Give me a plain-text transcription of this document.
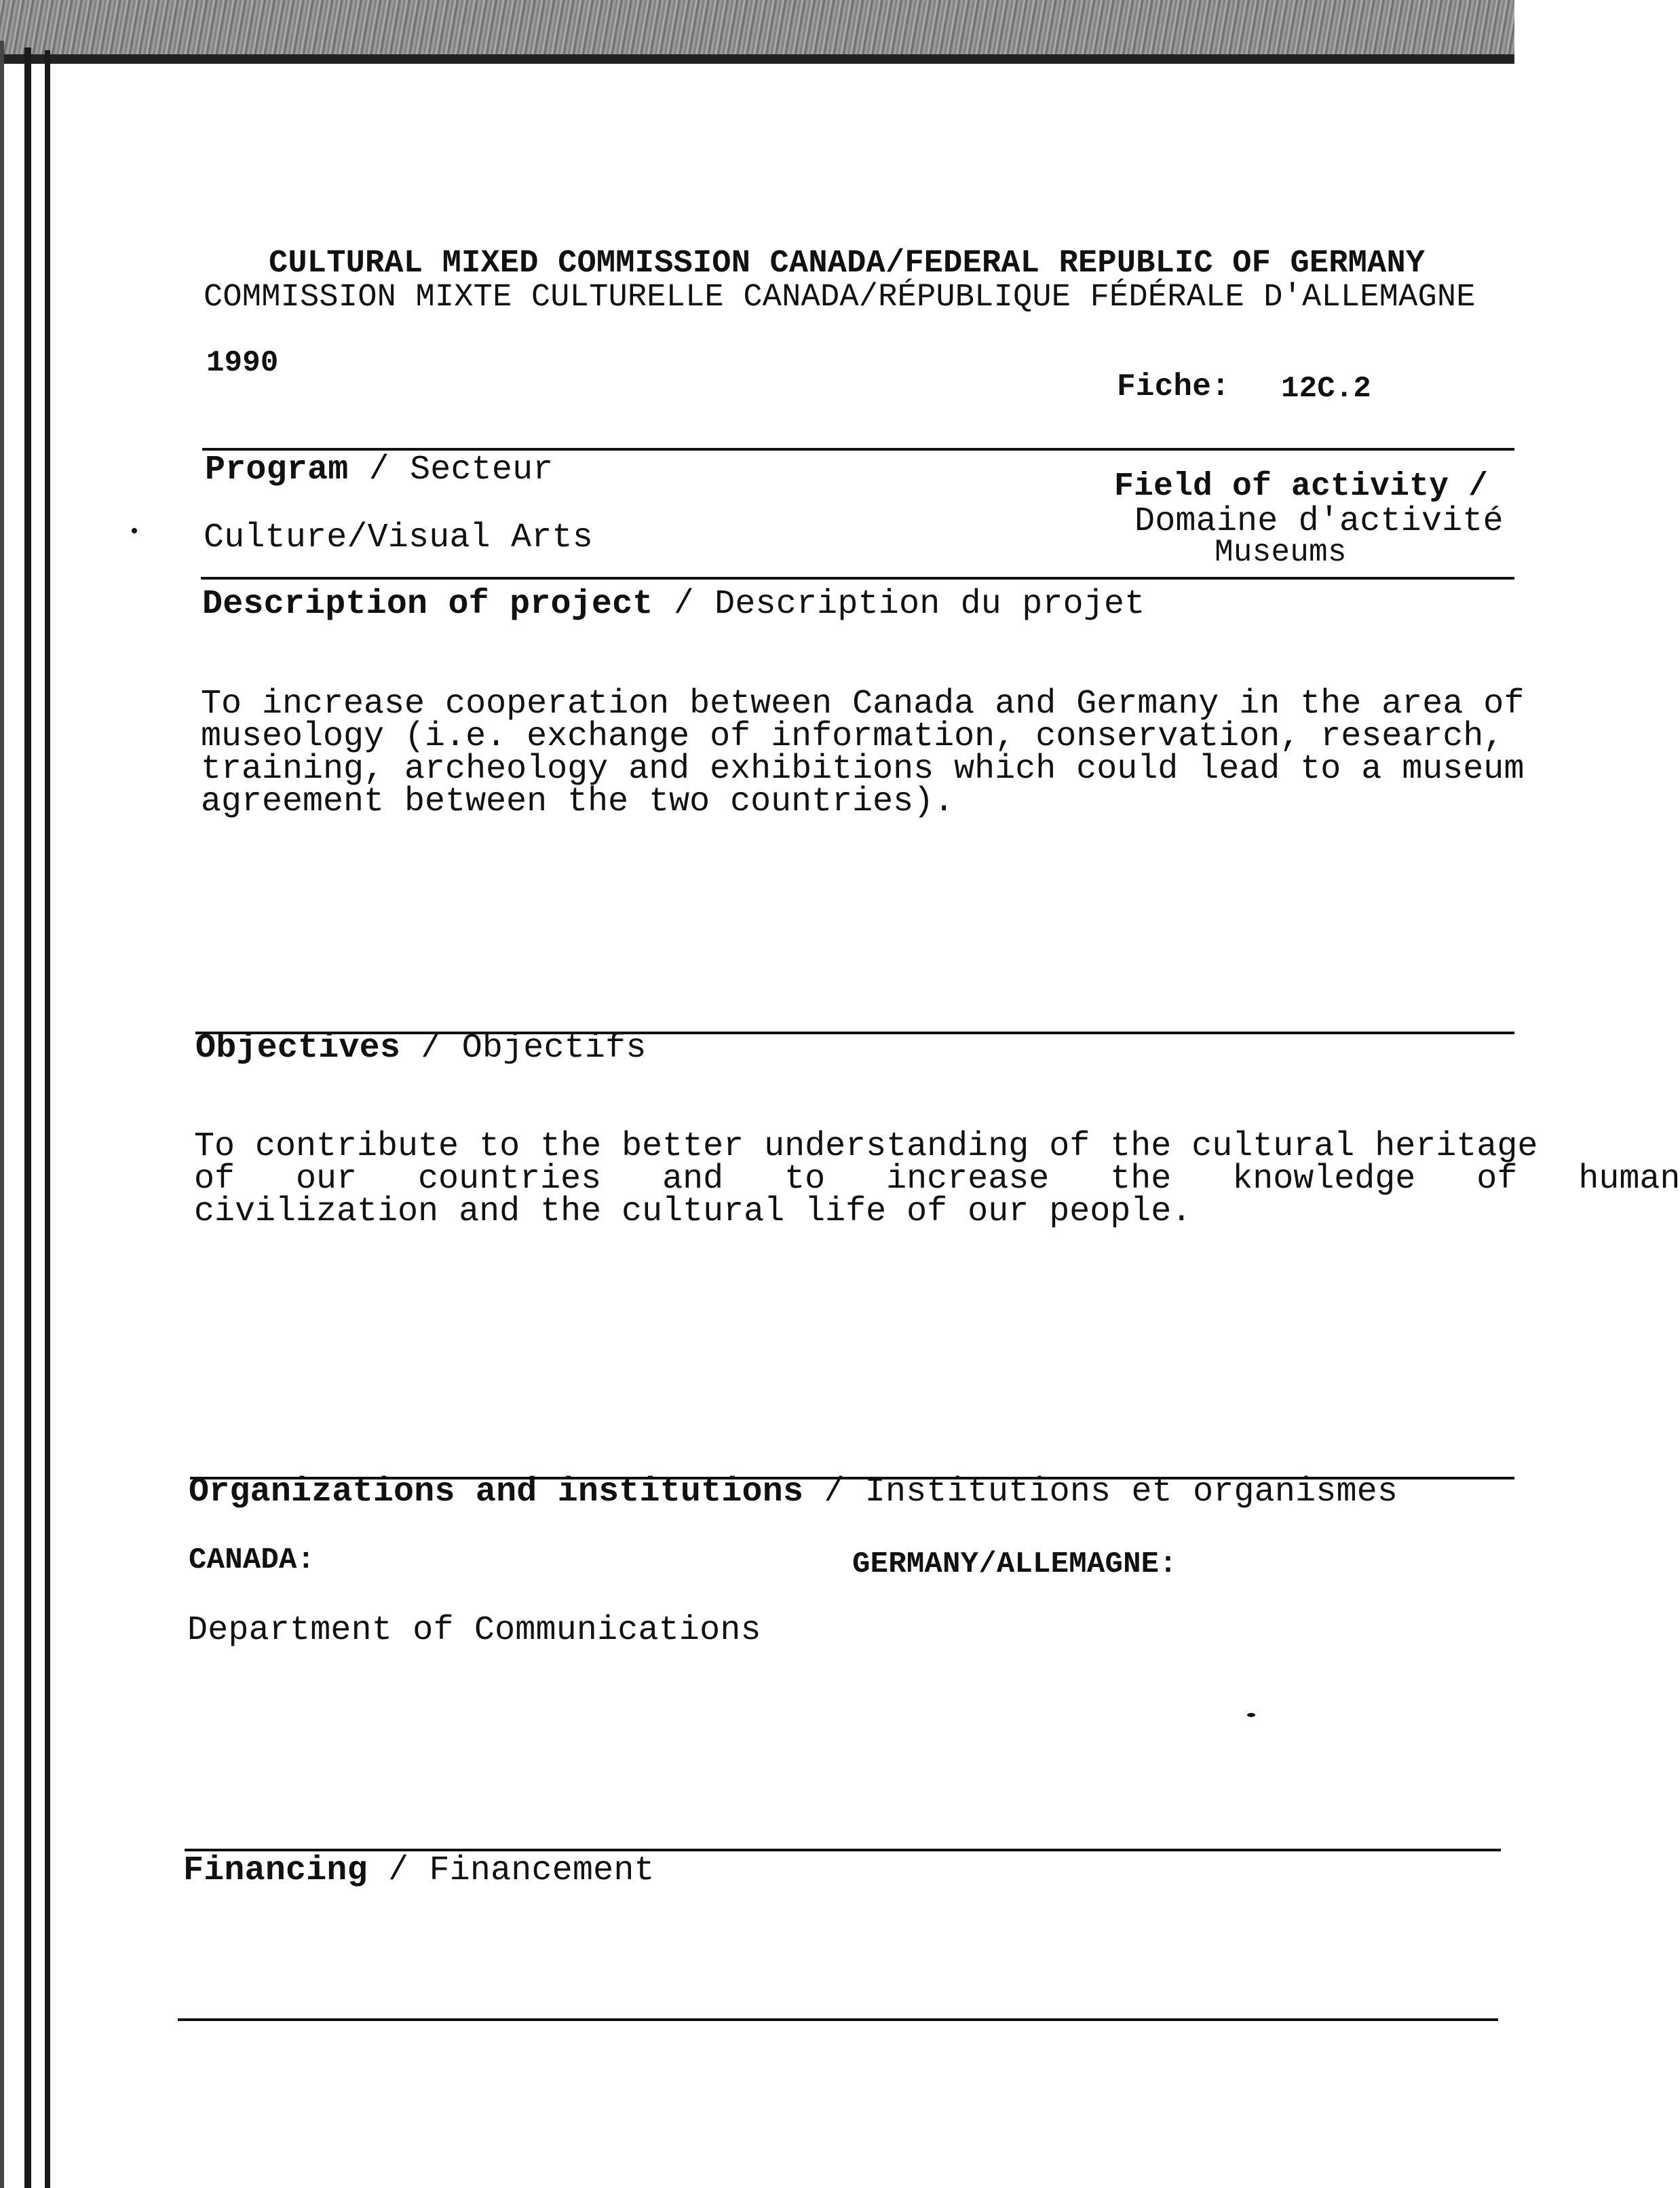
CULTURAL MIXED COMMISSION CANADA/FEDERAL REPUBLIC OF GERMANY
COMMISSION MIXTE CULTURELLE CANADA/RÉPUBLIQUE FÉDÉRALE D'ALLEMAGNE
1990
Fiche: 12C.2
Program / Secteur
Culture/Visual Arts
Field of activity /
Domaine d'activité
Museums
Description of project / Description du projet
To increase cooperation between Canada and Germany in the area of
museology (i.e. exchange of information, conservation, research,
training, archeology and exhibitions which could lead to a museum
agreement between the two countries).
Objectives / Objectifs
To contribute to the better understanding of the cultural heritage
of   our   countries   and   to   increase   the   knowledge   of   human
civilization and the cultural life of our people.
Organizations and institutions / Institutions et organismes
CANADA:	GERMANY/ALLEMAGNE:
Department of Communications
Financing / Financement
